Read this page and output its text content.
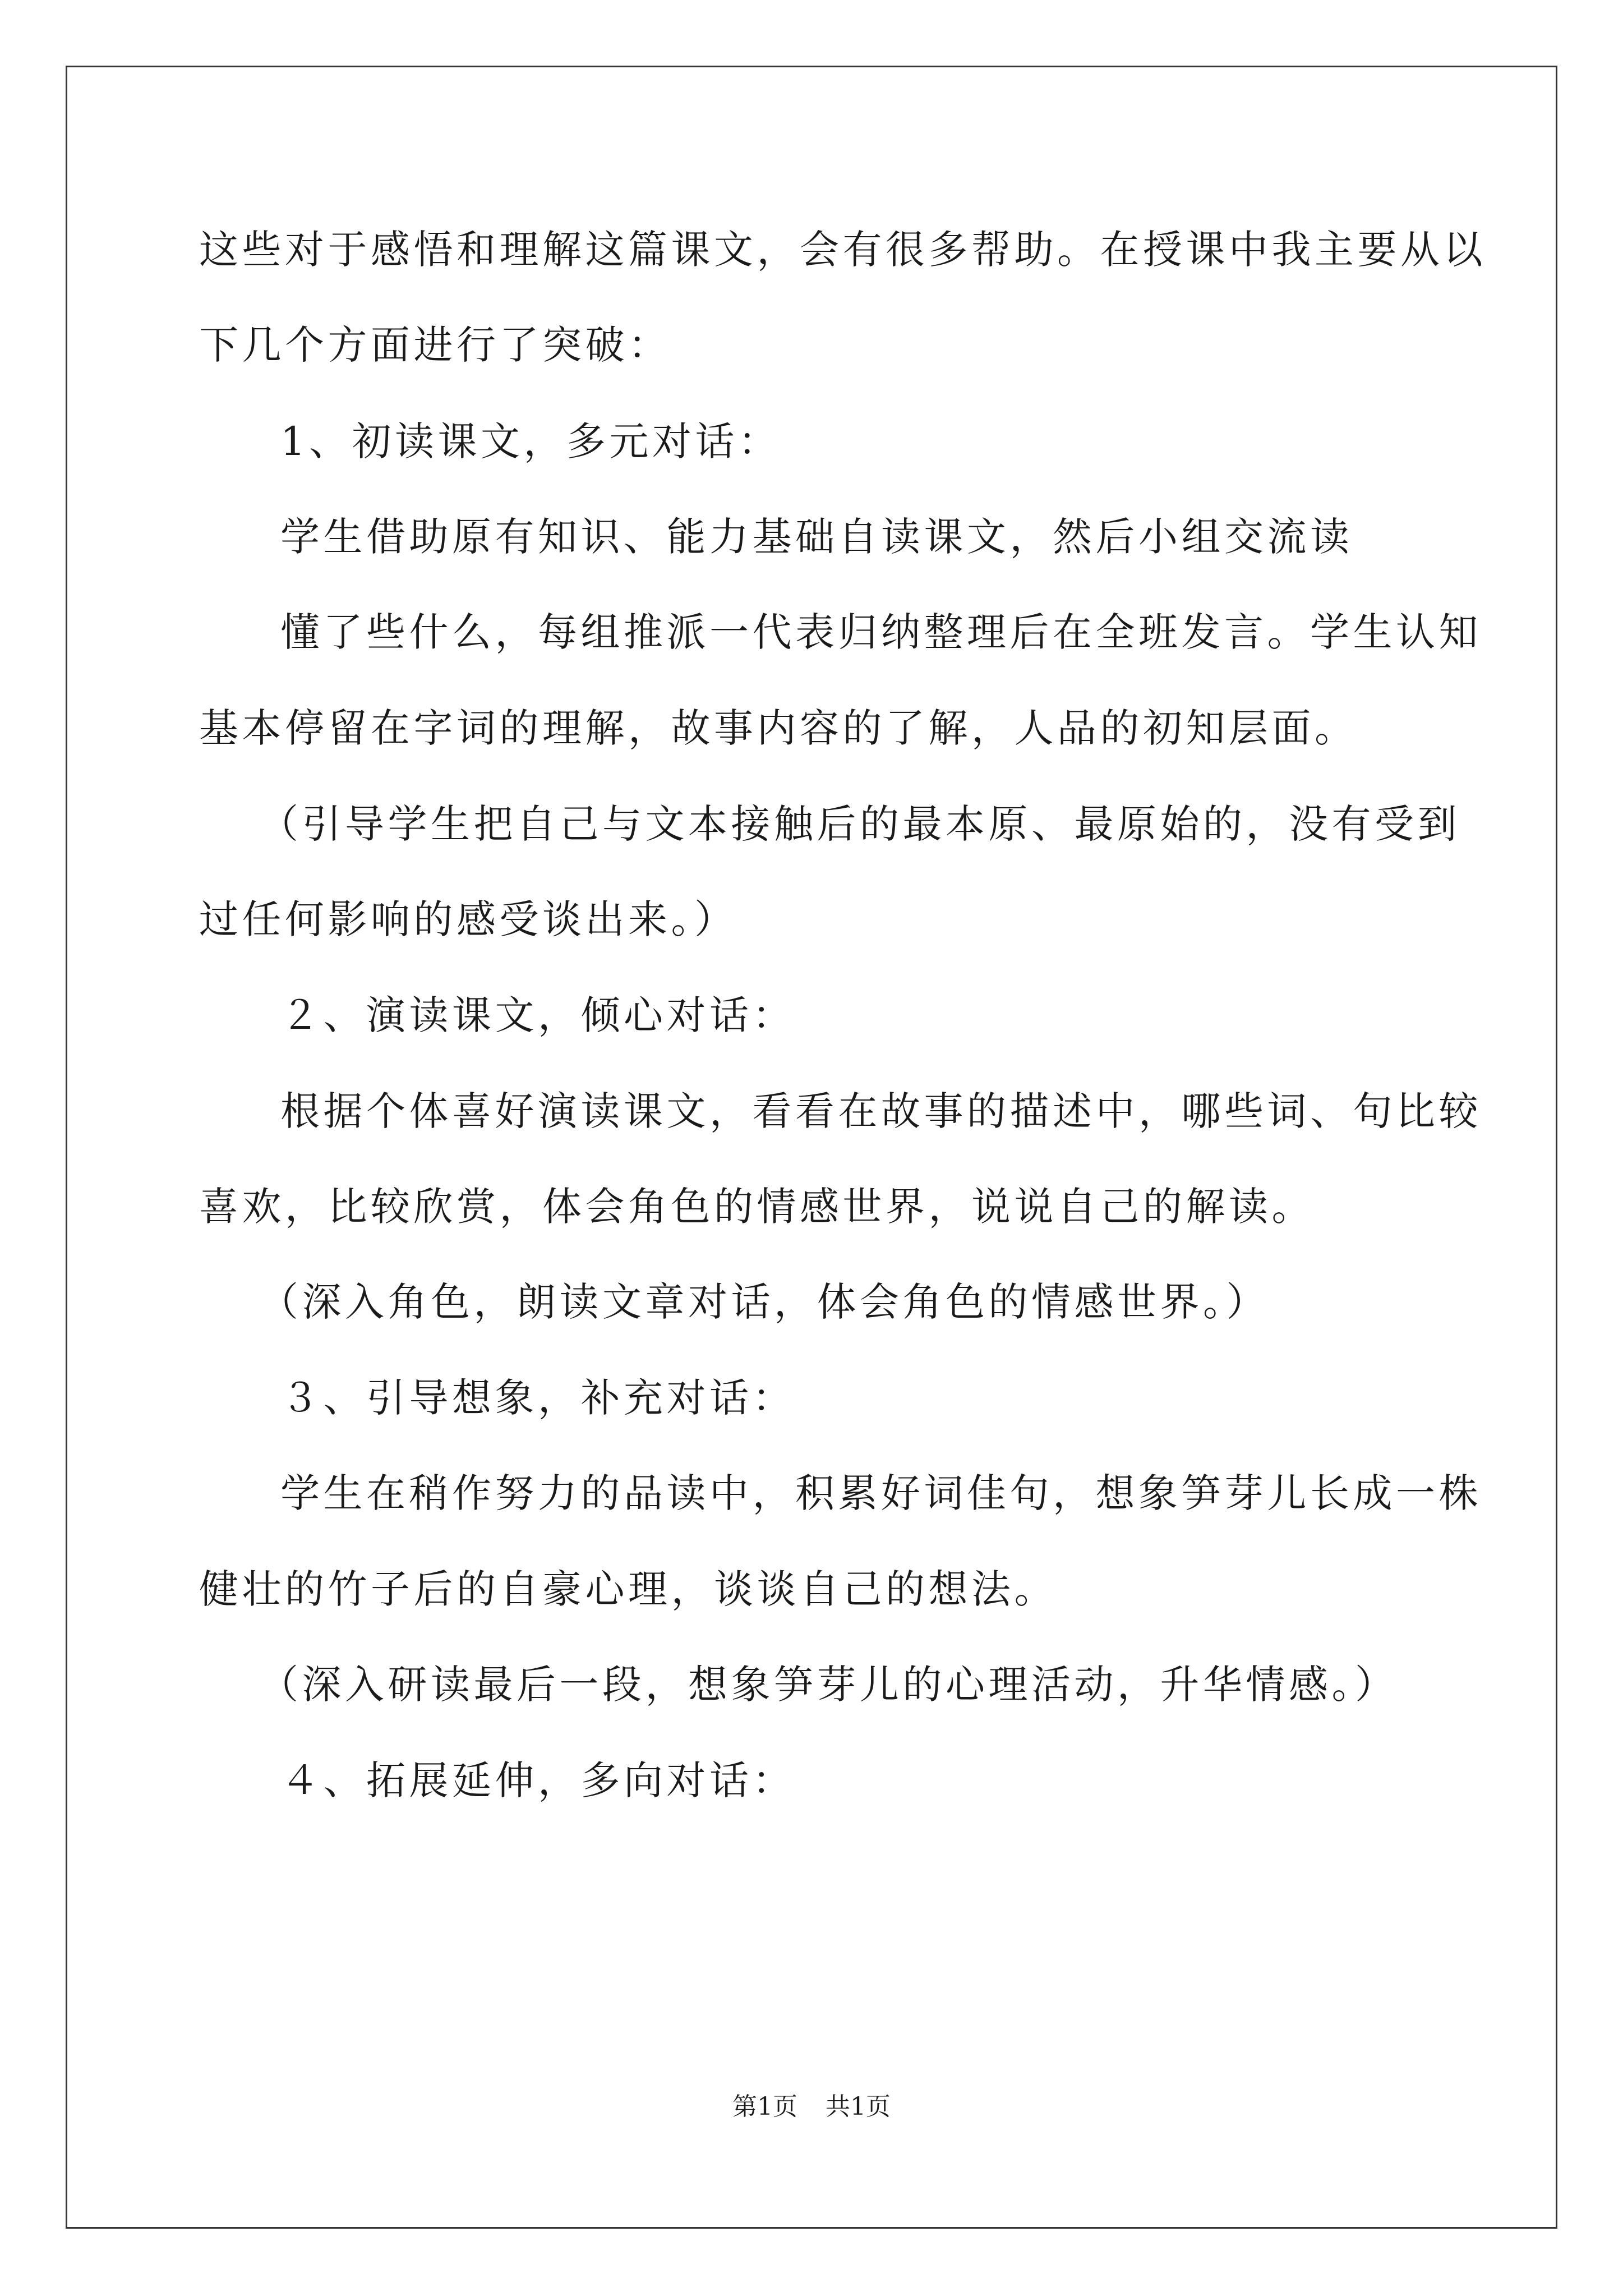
这些对于感悟和理解这篇课文，会有很多帮助。在授课中我主要从以
下几个方面进行了突破：
1、初读课文，多元对话：
学生借助原有知识、能力基础自读课文，然后小组交流读
懂了些什么，每组推派一代表归纳整理后在全班发言。学生认知
基本停留在字词的理解，故事内容的了解，人品的初知层面。
（引导学生把自己与文本接触后的最本原、最原始的，没有受到
过任何影响的感受谈出来。）
２、演读课文，倾心对话：
根据个体喜好演读课文，看看在故事的描述中，哪些词、句比较
喜欢，比较欣赏，体会角色的情感世界，说说自己的解读。
（深入角色，朗读文章对话，体会角色的情感世界。）
３、引导想象，补充对话：
学生在稍作努力的品读中，积累好词佳句，想象笋芽儿长成一株
健壮的竹子后的自豪心理，谈谈自己的想法。
（深入研读最后一段，想象笋芽儿的心理活动，升华情感。）
４、拓展延伸，多向对话：
第1页 共1页
